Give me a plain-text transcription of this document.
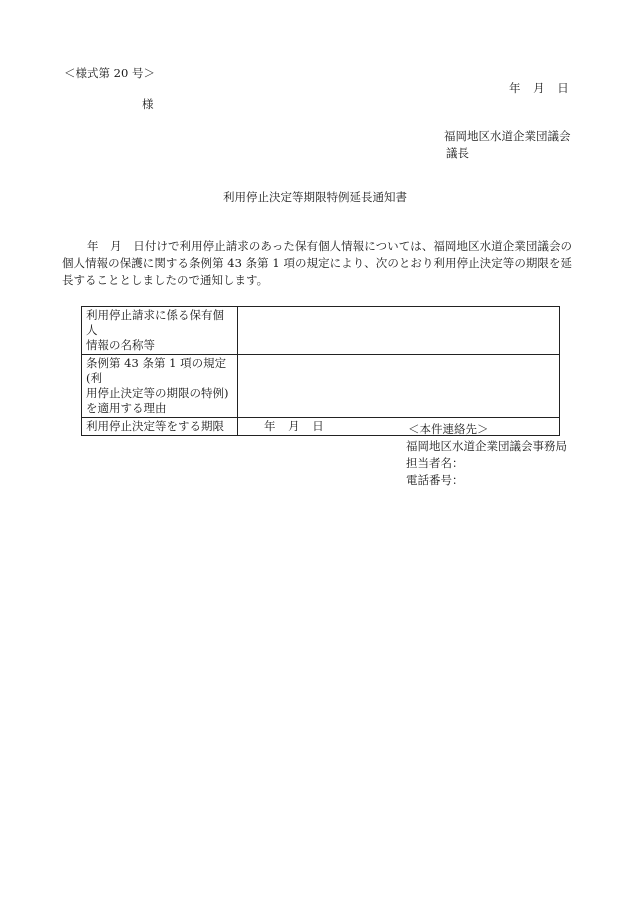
＜様式第 20 号＞

年 月 日

様

福岡地区水道企業団議会

議長

利用停止決定等期限特例延長通知書

年　月　日付けで利用停止請求のあった保有個人情報については、福岡地区水道企業団議会の個人情報の保護に関する条例第 43 条第 1 項の規定により、次のとおり利用停止決定等の期限を延長することとしましたので通知します。

利用停止請求に係る保有個人
情報の名称等	

条例第 43 条第 1 項の規定(利
用停止決定等の期限の特例)
を適用する理由	

利用停止決定等をする期限	年 月 日	＜本件連絡先＞
福岡地区水道企業団議会事務局
担当者名：
電話番号：
